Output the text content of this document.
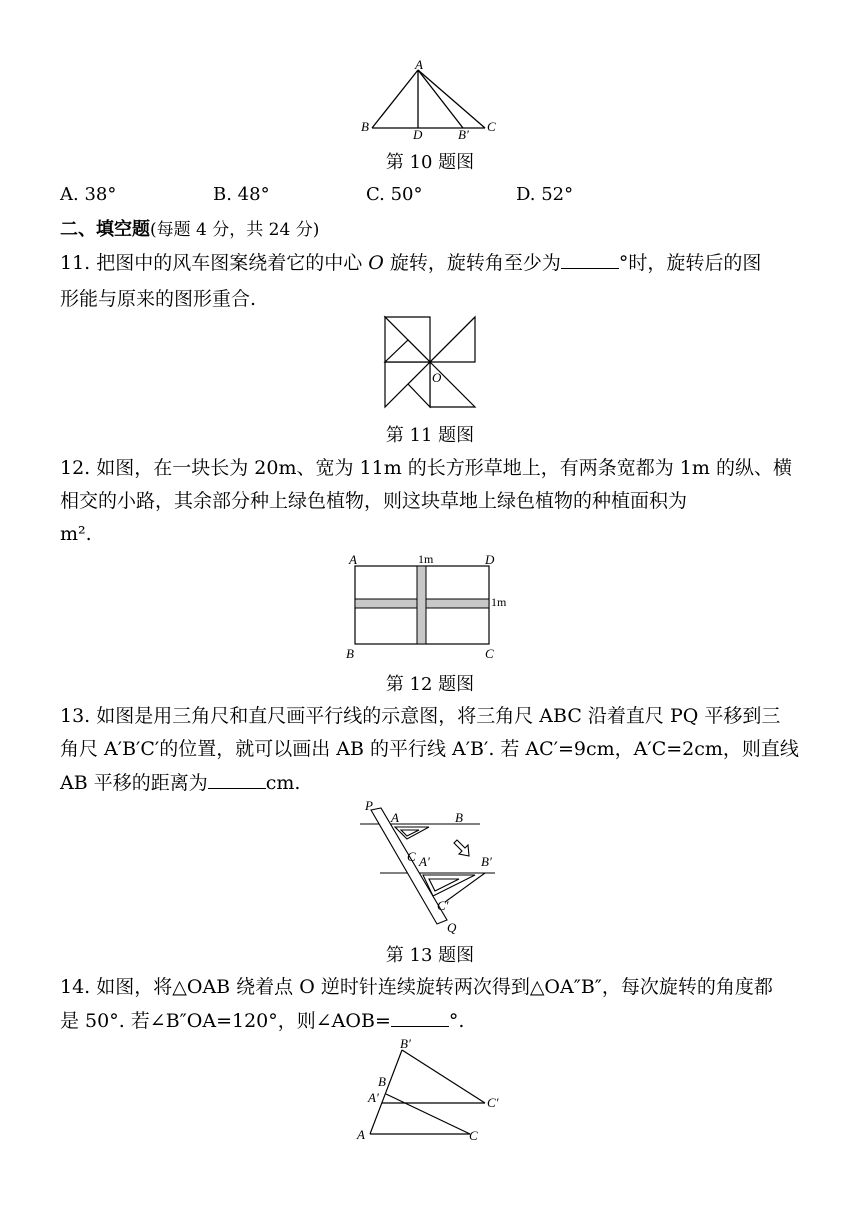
A
B
D	B′
C
第 10 题图
A. 38°	B. 48°	C. 50°	D. 52°
二、填空题(每题 4 分，共 24 分)
11. 把图中的风车图案绕着它的中心 O 旋转，旋转角至少为	°时，旋转后的图
形能与原来的图形重合.
O
第 11 题图
12. 如图，在一块长为 20m、宽为 11m 的长方形草地上，有两条宽都为 1m 的纵、横
相交的小路，其余部分种上绿色植物，则这块草地上绿色植物的种植面积为
m².
A	D
B	C
1m
1m
第 12 题图
13. 如图是用三角尺和直尺画平行线的示意图，将三角尺 ABC 沿着直尺 PQ 平移到三
角尺 A′B′C′的位置，就可以画出 AB 的平行线 A′B′. 若 AC′=9cm，A′C=2cm，则直线
AB 平移的距离为	cm.
P
A	B
C A′	B′
C′
Q
第 13 题图
14. 如图，将△OAB 绕着点 O 逆时针连续旋转两次得到△OA″B″，每次旋转的角度都
是 50°. 若∠B″OA=120°，则∠AOB=	°.
B′
B
A′	C′
A	C
